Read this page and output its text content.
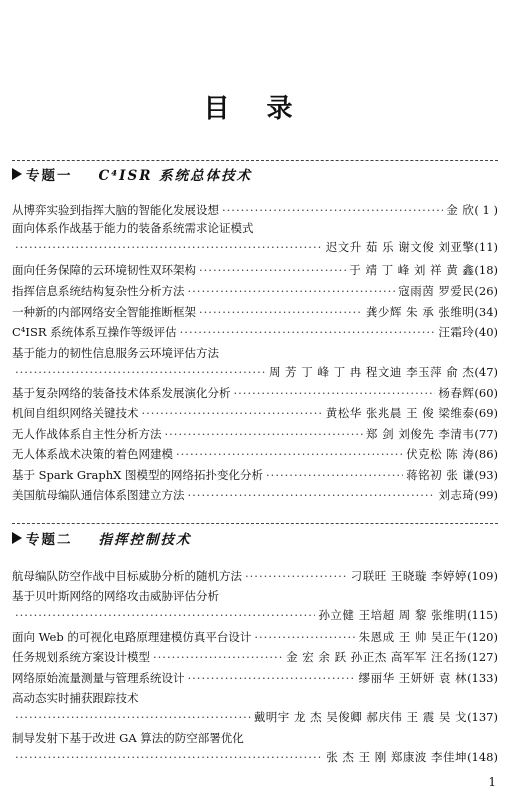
目 录
专题一 C⁴ISR 系统总体技术
从博弈实验到指挥大脑的智能化发展设想 ·····	金 欣 ( 1 )
面向体系作战基于能力的装备系统需求论证模式
·····
迟文升 茹 乐 谢文俊 刘亚擎 (11)
面向任务保障的云环境韧性双环架构 ·····	于 靖 丁 峰 刘 祥 黄 鑫 (18)
指挥信息系统结构复杂性分析方法 ·····	寇雨茵 罗爱民 (26)
一种新的内部网络安全智能推断框架 ·····	龚少辉 朱 承 张维明 (34)
C⁴ISR 系统体系互操作等级评估 ·····	汪霜玲 (40)
基于能力的韧性信息服务云环境评估方法
·····
周 芳 丁 峰 丁 冉 程文迪 李玉萍 俞 杰 (47)
基于复杂网络的装备技术体系发展演化分析 ·····	杨春辉 (60)
机间自组织网络关键技术 ·····	黄松华 张兆晨 王 俊 梁维泰 (69)
无人作战体系自主性分析方法 ·····	郑 剑 刘俊先 李清韦 (77)
无人体系战术决策的着色网建模 ·····	伏克松 陈 涛 (86)
基于 Spark GraphX 图模型的网络拓扑变化分析 ·····	蒋铭初 张 谦 (93)
美国航母编队通信体系图建立方法 ·····	刘志琦 (99)
专题二 指挥控制技术
航母编队防空作战中目标威胁分析的随机方法 ·····	刁联旺 王晓璇 李婷婷 (109)
基于贝叶斯网络的网络攻击威胁评估分析
·····
孙立健 王培超 周 黎 张维明 (115)
面向 Web 的可视化电路原理建模仿真平台设计 ·····	朱恩成 王 帅 吴正午 (120)
任务规划系统方案设计模型 ·····	金 宏 余 跃 孙正杰 高军军 汪名扬 (127)
网络原始流量测量与管理系统设计 ·····	缪丽华 王妍妍 袁 林 (133)
高动态实时捕获跟踪技术
·····
戴明宇 龙 杰 吴俊卿 郝庆伟 王 震 吴 戈 (137)
制导发射下基于改进 GA 算法的防空部署优化
·····
张 杰 王 刚 郑康波 李佳坤 (148)
1
